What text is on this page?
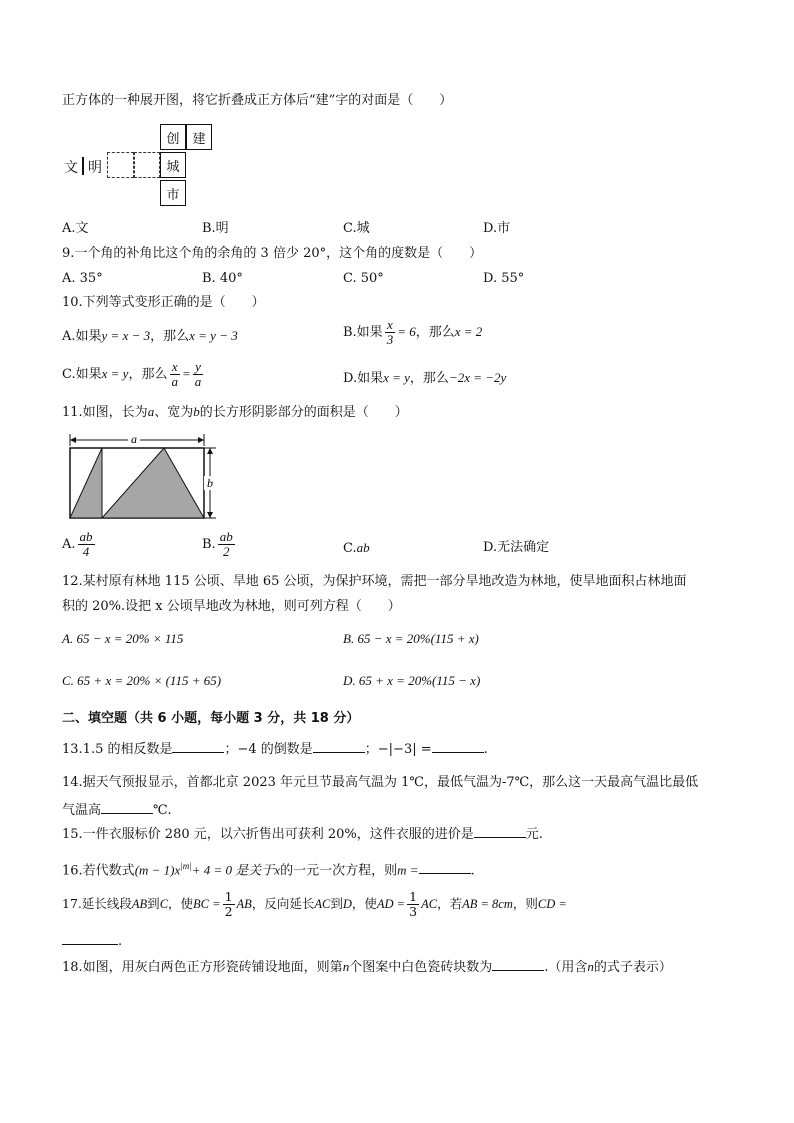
正方体的一种展开图，将它折叠成正方体后“建”字的对面是（　　）
创 建
城
市
文 明
A.文	B.明	C.城	D.市
9.一个角的补角比这个角的余角的 3 倍少 20°，这个角的度数是（　　）
A. 35°	B. 40°	C. 50°	D. 55°
10.下列等式变形正确的是（　　）
A.如果y = x − 3，那么x = y − 3	B.如果 $\frac{x}{3} = 6$，那么x = 2
C.如果x = y，那么 $\frac{x}{a} = \frac{y}{a}$	D.如果x = y，那么−2x = −2y
11.如图，长为a、宽为b的长方形阴影部分的面积是（　　）
a
b
A. $\frac{ab}{4}$	B. $\frac{ab}{2}$	C.ab	D.无法确定
12.某村原有林地 115 公顷、旱地 65 公顷，为保护环境，需把一部分旱地改造为林地，使旱地面积占林地面
积的 20%.设把 x 公顷旱地改为林地，则可列方程（　　）
A. 65 − x = 20% × 115	B. 65 − x = 20%(115 + x)
C. 65 + x = 20% × (115 + 65)	D. 65 + x = 20%(115 − x)
二、填空题（共 6 小题，每小题 3 分，共 18 分）
13.1.5 的相反数是	；−4 的倒数是	；−|−3| =	.
14.据天气预报显示，首都北京 2023 年元旦节最高气温为 1℃，最低气温为-7℃，那么这一天最高气温比最低
气温高	℃.
15.一件衣服标价 280 元，以六折售出可获利 20%，这件衣服的进价是	元.
16.若代数式$(m - 1)x^{|m|}+ 4 = 0$ 是关于x的一元一次方程，则m =	.
17.延长线段AB到C，使BC = $\frac{1}{2}$ AB，反向延长AC到D，使AD = $\frac{1}{3}$ AC，若AB = 8cm，则CD =
.
18.如图，用灰白两色正方形瓷砖铺设地面，则第n个图案中白色瓷砖块数为	.（用含n的式子表示）
